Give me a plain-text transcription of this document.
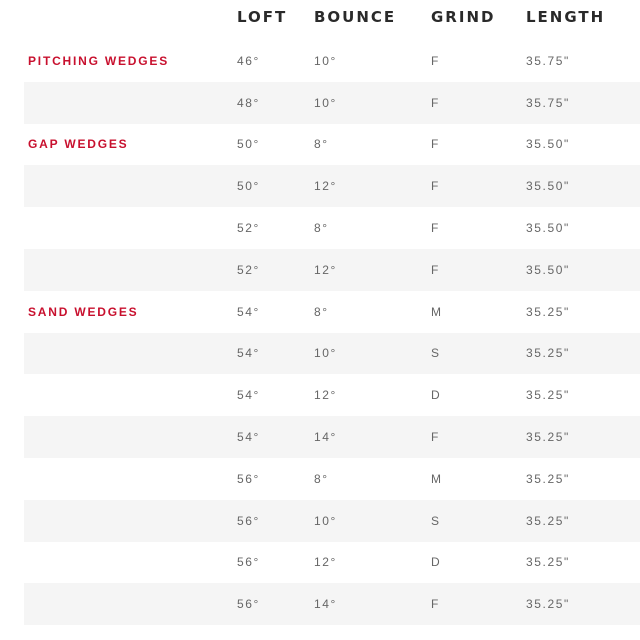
LOFT BOUNCE GRIND LENGTH
PITCHING WEDGES	46°	10°	F	35.75"
48°	10°	F	35.75"
GAP WEDGES	50°	8°	F	35.50"
50°	12°	F	35.50"
52°	8°	F	35.50"
52°	12°	F	35.50"
SAND WEDGES	54°	8°	M	35.25"
54°	10°	S	35.25"
54°	12°	D	35.25"
54°	14°	F	35.25"
56°	8°	M	35.25"
56°	10°	S	35.25"
56°	12°	D	35.25"
56°	14°	F	35.25"
